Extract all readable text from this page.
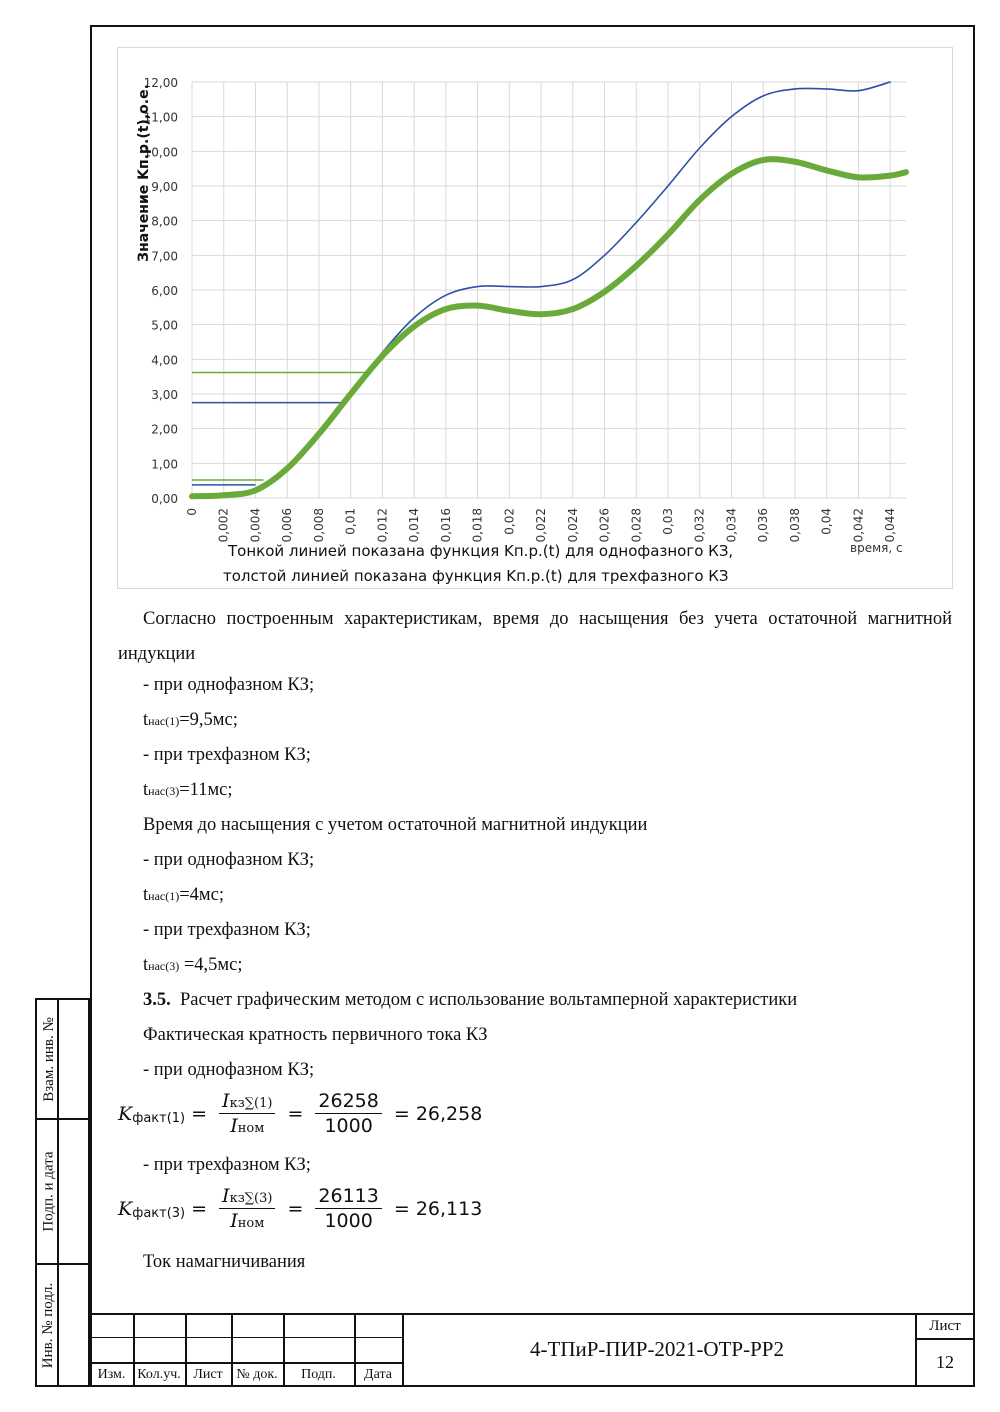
Взам. инв. №
Подп. и дата
Инв. № подл.
0,00
1,00
2,00
3,00
4,00
5,00
6,00
7,00
8,00
9,00
10,00
11,00
12,00
0 0,002 0,004 0,006 0,008 0,01 0,012 0,014 0,016 0,018 0,02 0,022 0,024 0,026 0,028 0,03 0,032 0,034 0,036 0,038 0,04 0,042 0,044
Значение Kп.р.(t),о.е.
время, с
Тонкой линией показана функция Kп.р.(t) для однофазного КЗ,
толстой линией показана функция Kп.р.(t) для трехфазного КЗ
Согласно построенным характеристикам, время до насыщения без учета остаточной магнитной индукции
- при однофазном КЗ;
tнас(1)=9,5мс;
- при трехфазном КЗ;
tнас(3)=11мс;
Время до насыщения с учетом остаточной магнитной индукции
- при однофазном КЗ;
tнас(1)=4мс;
- при трехфазном КЗ;
tнас(3) =4,5мс;
3.5. Расчет графическим методом с использование вольтамперной характеристики
Фактическая кратность первичного тока КЗ
- при однофазном КЗ;
K факт(1) = $\frac{\text{Iкз∑(1)}}{\text{Iном}} = \frac{26258}{1000} = 26,258$
- при трехфазном КЗ;
K факт(3) = $\frac{\text{Iкз∑(3)}}{\text{Iном}} = \frac{26113}{1000} = 26,113$
Ток намагничивания
Изм. Кол.уч. Лист № док.	Подп.	Дата
4-ТПиР-ПИР-2021-ОТР-РР2
Лист
12
